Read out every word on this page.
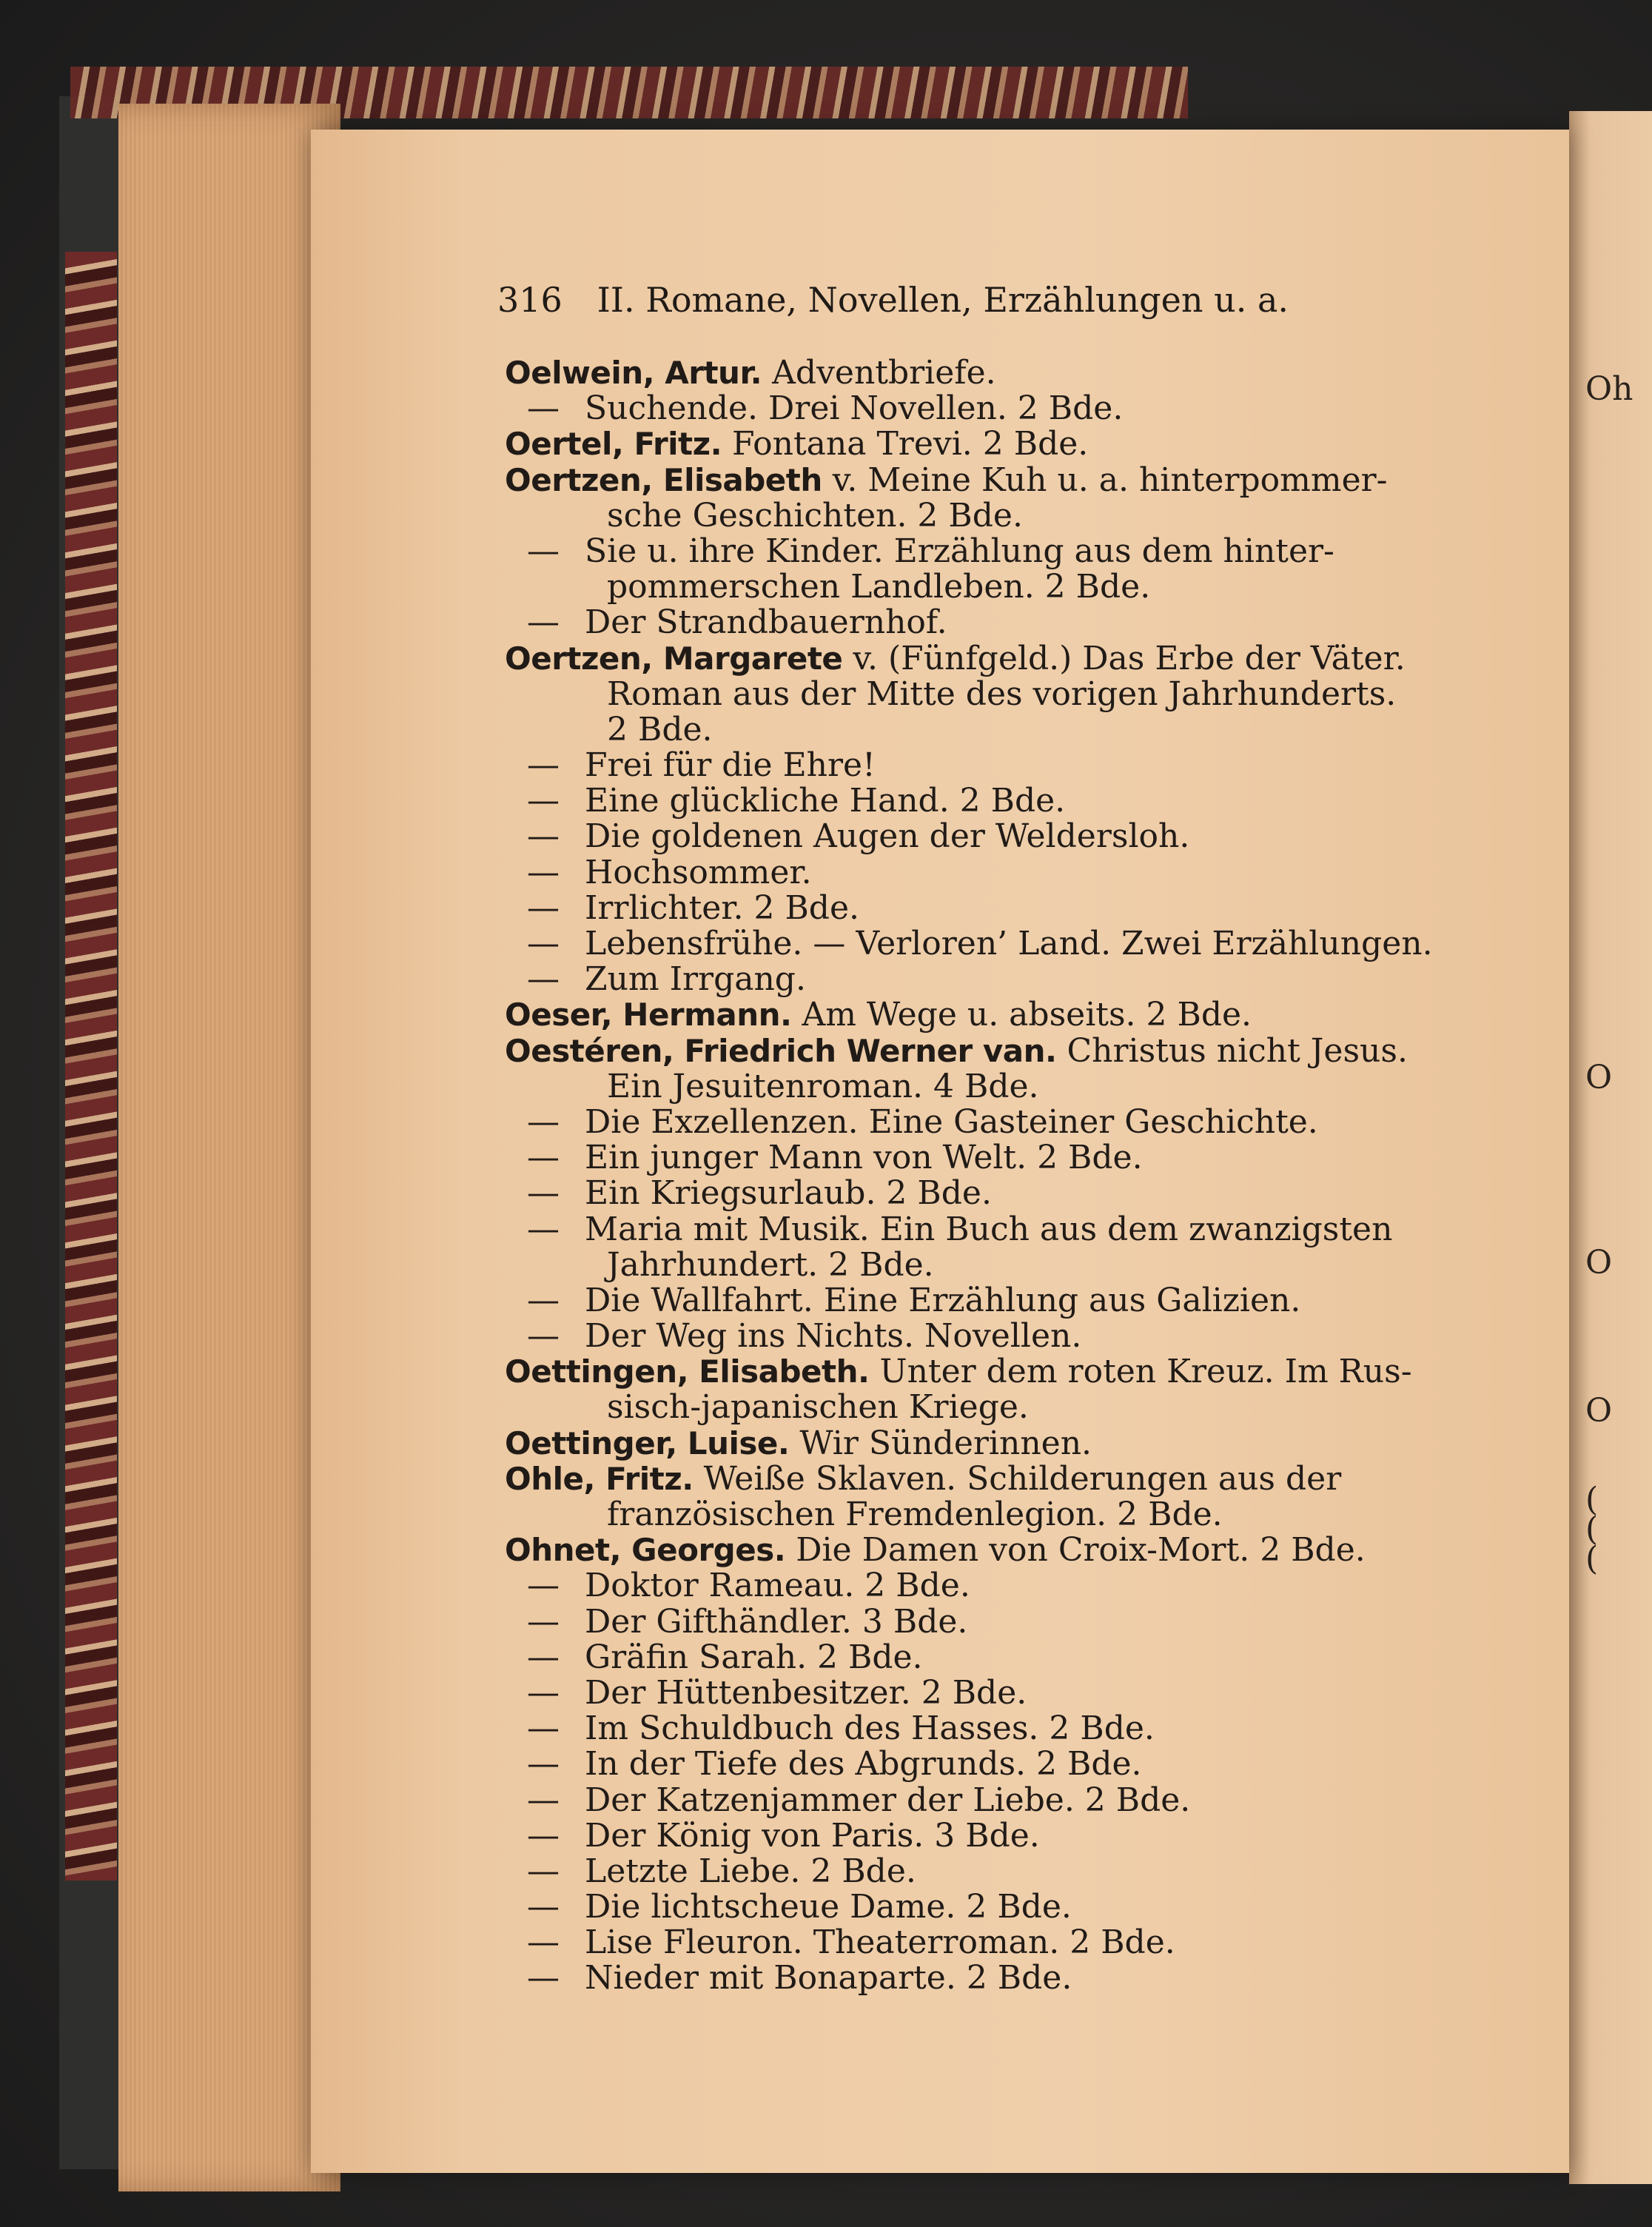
Oh
O
O
O
(
(
(
316 II. Romane, Novellen, Erzählungen u. a.
Oelwein, Artur. Adventbriefe.
— Suchende. Drei Novellen. 2 Bde.
Oertel, Fritz. Fontana Trevi. 2 Bde.
Oertzen, Elisabeth v. Meine Kuh u. a. hinterpommer-
sche Geschichten. 2 Bde.
— Sie u. ihre Kinder. Erzählung aus dem hinter-
pommerschen Landleben. 2 Bde.
— Der Strandbauernhof.
Oertzen, Margarete v. (Fünfgeld.) Das Erbe der Väter.
Roman aus der Mitte des vorigen Jahrhunderts.
2 Bde.
— Frei für die Ehre!
— Eine glückliche Hand. 2 Bde.
— Die goldenen Augen der Weldersloh.
— Hochsommer.
— Irrlichter. 2 Bde.
— Lebensfrühe. — Verloren’ Land. Zwei Erzählungen.
— Zum Irrgang.
Oeser, Hermann. Am Wege u. abseits. 2 Bde.
Oestéren, Friedrich Werner van. Christus nicht Jesus.
Ein Jesuitenroman. 4 Bde.
— Die Exzellenzen. Eine Gasteiner Geschichte.
— Ein junger Mann von Welt. 2 Bde.
— Ein Kriegsurlaub. 2 Bde.
— Maria mit Musik. Ein Buch aus dem zwanzigsten
Jahrhundert. 2 Bde.
— Die Wallfahrt. Eine Erzählung aus Galizien.
— Der Weg ins Nichts. Novellen.
Oettingen, Elisabeth. Unter dem roten Kreuz. Im Rus-
sisch-japanischen Kriege.
Oettinger, Luise. Wir Sünderinnen.
Ohle, Fritz. Weiße Sklaven. Schilderungen aus der
französischen Fremdenlegion. 2 Bde.
Ohnet, Georges. Die Damen von Croix-Mort. 2 Bde.
— Doktor Rameau. 2 Bde.
— Der Gifthändler. 3 Bde.
— Gräfin Sarah. 2 Bde.
— Der Hüttenbesitzer. 2 Bde.
— Im Schuldbuch des Hasses. 2 Bde.
— In der Tiefe des Abgrunds. 2 Bde.
— Der Katzenjammer der Liebe. 2 Bde.
— Der König von Paris. 3 Bde.
— Letzte Liebe. 2 Bde.
— Die lichtscheue Dame. 2 Bde.
— Lise Fleuron. Theaterroman. 2 Bde.
— Nieder mit Bonaparte. 2 Bde.
